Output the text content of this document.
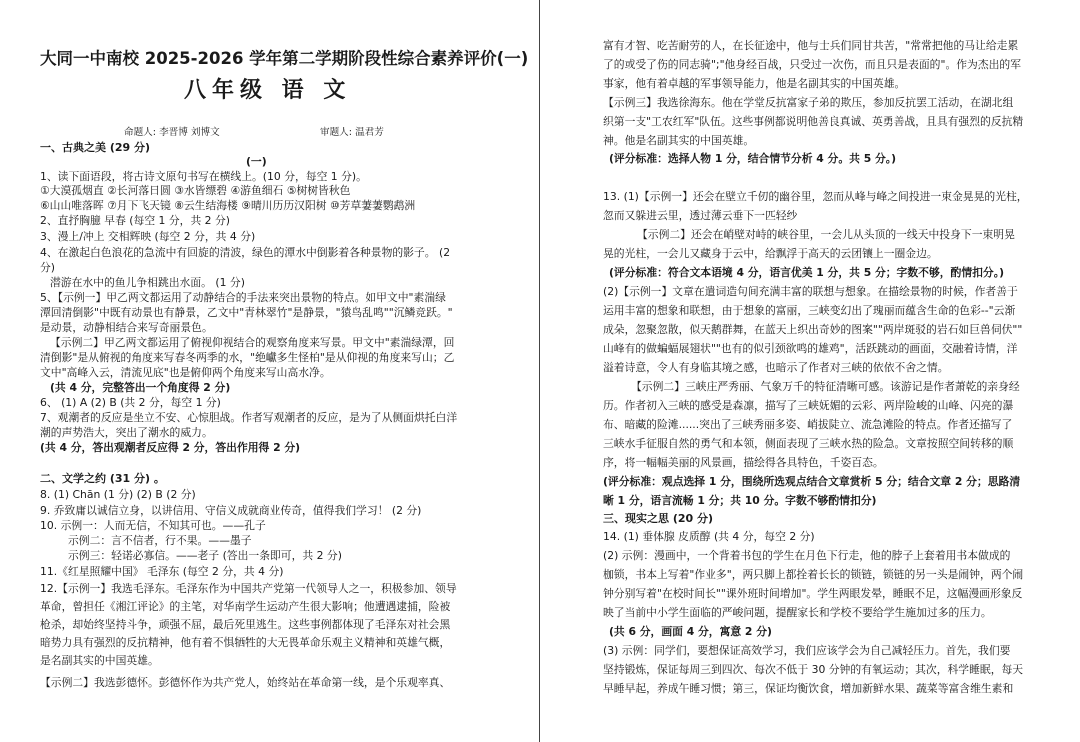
大同一中南校 2025-2026 学年第二学期阶段性综合素养评价(一)
八年级 语 文
命题人: 李晋博 刘博文	审题人: 温君芳
一、古典之美 (29 分)
(一)
1、读下面语段，将古诗文原句书写在横线上。(10 分，每空 1 分)。
①大漠孤烟直 ②长河落日圆 ③水皆缥碧 ④游鱼细石 ⑤树树皆秋色
⑥山山唯落晖 ⑦月下飞天镜 ⑧云生结海楼 ⑨晴川历历汉阳树 ⑩芳草萋萋鹦鹉洲
2、直抒胸臆 早春 (每空 1 分，共 2 分)
3、漫上/冲上 交相辉映 (每空 2 分，共 4 分)
4、在激起白色浪花的急流中有回旋的清波，绿色的潭水中倒影着各种景物的影子。 (2
分)
潜游在水中的鱼儿争相跳出水面。 (1 分)
5、【示例一】甲乙两文都运用了动静结合的手法来突出景物的特点。如甲文中"素湍绿
潭回清倒影"中既有动景也有静景，乙文中"青林翠竹"是静景，"猿鸟乱鸣""沉鳞竞跃。"
是动景，动静相结合来写奇丽景色。
【示例二】甲乙两文都运用了俯视仰视结合的观察角度来写景。甲文中"素湍绿潭，回
清倒影"是从俯视的角度来写春冬两季的水，"绝巘多生怪柏"是从仰视的角度来写山；乙
文中"高峰入云，清流见底"也是俯仰两个角度来写山高水净。
(共 4 分，完整答出一个角度得 2 分)
6、 (1) A (2) B (共 2 分，每空 1 分)
7、观潮者的反应是坐立不安、心惊胆战。作者写观潮者的反应，是为了从侧面烘托白洋
潮的声势浩大，突出了潮水的威力。
(共 4 分，答出观潮者反应得 2 分，答出作用得 2 分)
二、文学之约 (31 分) 。
8. (1) Chān (1 分) (2) B (2 分)
9. 乔致庸以诚信立身，以讲信用、守信义成就商业传奇，值得我们学习！ (2 分)
10. 示例一：人而无信，不知其可也。——孔子
示例二：言不信者，行不果。——墨子
示例三：轻诺必寡信。——老子 (答出一条即可，共 2 分)
11.《红星照耀中国》 毛泽东 (每空 2 分，共 4 分)
12.【示例一】我选毛泽东。毛泽东作为中国共产党第一代领导人之一，积极参加、领导
革命，曾担任《湘江评论》的主笔，对华南学生运动产生很大影响；他遭遇逮捕，险被
枪杀，却始终坚持斗争，顽强不屈，最后死里逃生。这些事例都体现了毛泽东对社会黑
暗势力具有强烈的反抗精神，他有着不惧牺牲的大无畏革命乐观主义精神和英雄气概，
是名副其实的中国英雄。
【示例二】我选彭德怀。彭德怀作为共产党人，始终站在革命第一线，是个乐观率真、
富有才智、吃苦耐劳的人，在长征途中，他与士兵们同甘共苦，"常常把他的马让给走累
了的或受了伤的同志骑";"他身经百战，只受过一次伤，而且只是表面的"。作为杰出的军
事家，他有着卓越的军事领导能力，他是名副其实的中国英雄。
【示例三】我选徐海东。他在学堂反抗富家子弟的欺压，参加反抗罢工活动，在湖北组
织第一支"工农红军"队伍。这些事例都说明他善良真诚、英勇善战，且具有强烈的反抗精
神。他是名副其实的中国英雄。
(评分标准：选择人物 1 分，结合情节分析 4 分。共 5 分。)
13. (1)【示例一】还会在壁立千仞的幽谷里，忽而从峰与峰之间投进一束金晃晃的光柱，
忽而又躲进云里，透过薄云垂下一匹轻纱
【示例二】还会在峭壁对峙的峡谷里，一会儿从头顶的一线天中投身下一束明晃
晃的光柱，一会儿又藏身于云中，给飘浮于高天的云团镶上一圈金边。
(评分标准：符合文本语境 4 分，语言优美 1 分，共 5 分；字数不够，酌情扣分。)
(2)【示例一】文章在遣词造句间充满丰富的联想与想象。在描绘景物的时候，作者善于
运用丰富的想象和联想，由于想象的富丽，三峡变幻出了瑰丽而蕴含生命的色彩--"云渐
成朵，忽聚忽散，似天鹅群舞，在蓝天上织出奇妙的图案""两岸斑驳的岩石如巨兽伺伏""
山峰有的做蝙蝠展翅状""也有的似引颈欲鸣的雄鸡"，活跃跳动的画面，交融着诗情，洋
溢着诗意，令人有身临其境之感，也暗示了作者对三峡的依依不舍之情。
【示例二】三峡庄严秀丽、气象万千的特征清晰可感。该游记是作者萧乾的亲身经
历。作者初入三峡的感受是森凛，描写了三峡妩媚的云彩、两岸险峻的山峰、闪亮的瀑
布、暗藏的险滩......突出了三峡秀丽多姿、峭拔陡立、流急滩险的特点。作者还描写了
三峡水手征服自然的勇气和本领，侧面表现了三峡水热的险急。文章按照空间转移的顺
序，将一幅幅美丽的风景画，描绘得各具特色，千姿百态。
(评分标准：观点选择 1 分，围绕所选观点结合文章赏析 5 分；结合文章 2 分；思路清
晰 1 分，语言流畅 1 分；共 10 分。字数不够酌情扣分)
三、现实之思 (20 分)
14. (1) 垂体腺 皮质醇 (共 4 分，每空 2 分)
(2) 示例：漫画中，一个背着书包的学生在月色下行走，他的脖子上套着用书本做成的
枷锁，书本上写着"作业多"，两只脚上都拴着长长的锁链，锁链的另一头是闹钟，两个闹
钟分别写着"在校时间长""课外班时间增加"。学生两眼发晕，睡眠不足，这幅漫画形象反
映了当前中小学生面临的严峻问题，提醒家长和学校不要给学生施加过多的压力。
(共 6 分，画面 4 分，寓意 2 分)
(3) 示例：同学们，要想保证高效学习，我们应该学会为自己减轻压力。首先，我们要
坚持锻炼，保证每周三到四次、每次不低于 30 分钟的有氧运动；其次，科学睡眠，每天
早睡早起，养成午睡习惯；第三，保证均衡饮食，增加新鲜水果、蔬菜等富含维生素和
